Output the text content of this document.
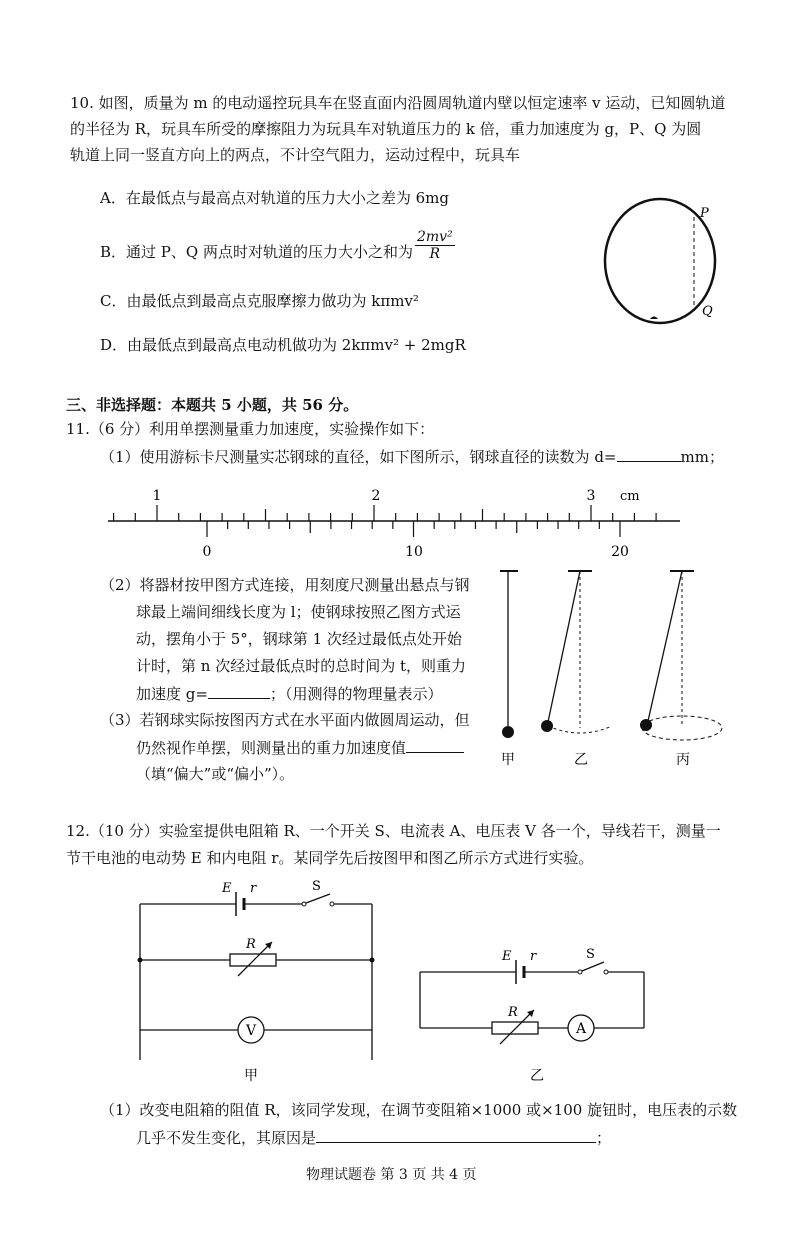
10. 如图，质量为 m 的电动遥控玩具车在竖直面内沿圆周轨道内壁以恒定速率 v 运动，已知圆轨道
的半径为 R，玩具车所受的摩擦阻力为玩具车对轨道压力的 k 倍，重力加速度为 g，P、Q 为圆
轨道上同一竖直方向上的两点，不计空气阻力，运动过程中，玩具车
A．在最低点与最高点对轨道的压力大小之差为 6mg
B．通过 P、Q 两点时对轨道的压力大小之和为 $\frac{\text{2mv²}}{R}$
C．由最低点到最高点克服摩擦力做功为 kπmv²
D．由最低点到最高点电动机做功为 2kπmv² + 2mgR
P
Q
三、非选择题：本题共 5 小题，共 56 分。
11.（6 分）利用单摆测量重力加速度，实验操作如下：
（1）使用游标卡尺测量实芯钢球的直径，如下图所示，钢球直径的读数为 d=	mm；
1	2	3 cm
0	10	20
（2）将器材按甲图方式连接，用刻度尺测量出悬点与钢
球最上端间细线长度为 l；使钢球按照乙图方式运
动，摆角小于 5°，钢球第 1 次经过最低点处开始
计时，第 n 次经过最低点时的总时间为 t，则重力
加速度 g=	；（用测得的物理量表示）
（3）若钢球实际按图丙方式在水平面内做圆周运动，但
仍然视作单摆，则测量出的重力加速度值
（填“偏大”或“偏小”）。
甲	乙	丙
12.（10 分）实验室提供电阻箱 R、一个开关 S、电流表 A、电压表 V 各一个，导线若干，测量一
节干电池的电动势 E 和内电阻 r。某同学先后按图甲和图乙所示方式进行实验。
V
E r	S
R
甲
A
E r	S
R
乙
（1）改变电阻箱的阻值 R，该同学发现，在调节变阻箱×1000 或×100 旋钮时，电压表的示数
几乎不发生变化，其原因是	；
物理试题卷 第 3 页 共 4 页
